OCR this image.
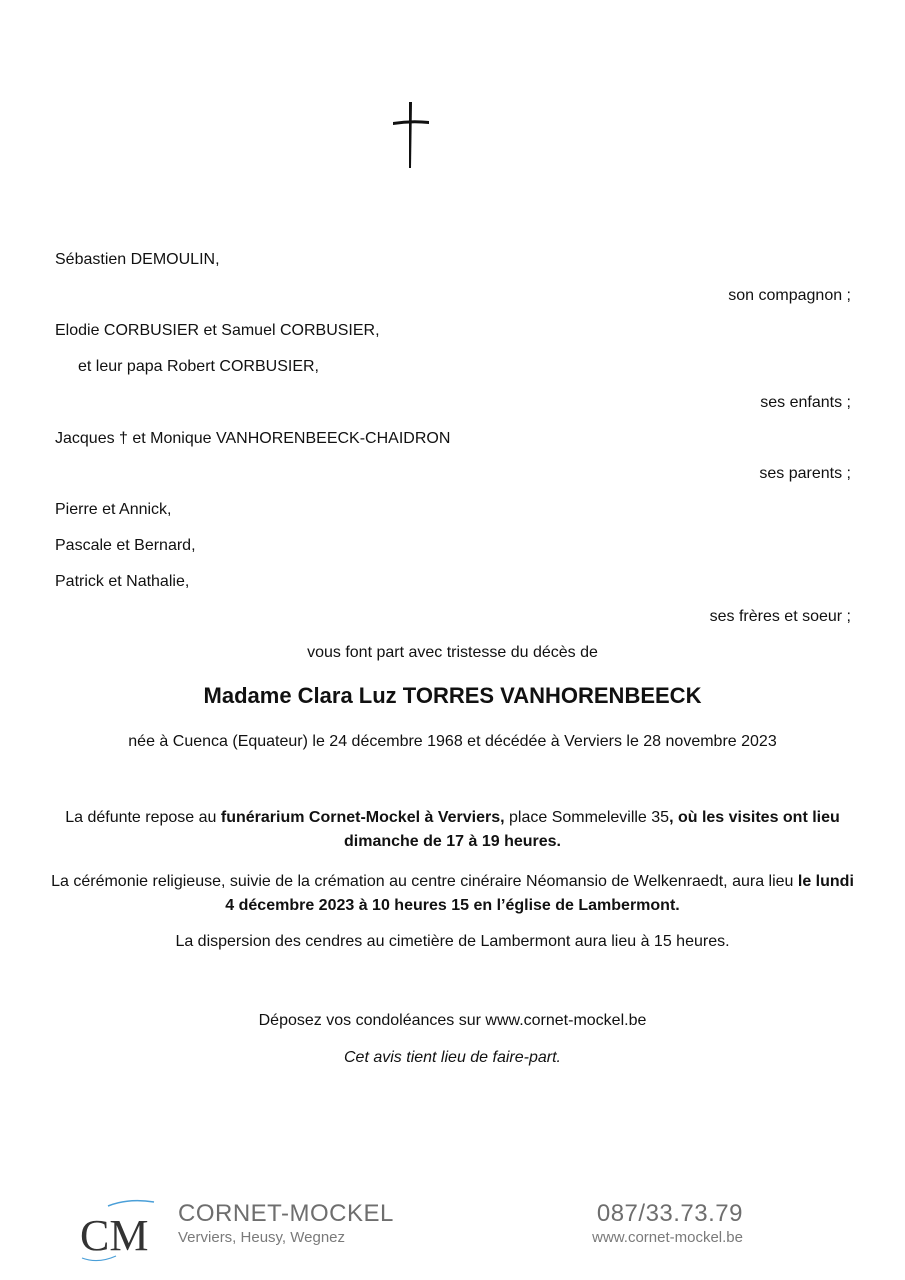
Sébastien DEMOULIN,
son compagnon ;
Elodie CORBUSIER et Samuel CORBUSIER,
et leur papa Robert CORBUSIER,
ses enfants ;
Jacques † et Monique VANHORENBEECK-CHAIDRON
ses parents ;
Pierre et Annick,
Pascale et Bernard,
Patrick et Nathalie,
ses frères et soeur ;
vous font part avec tristesse du décès de
Madame Clara Luz TORRES VANHORENBEECK
née à Cuenca (Equateur) le 24 décembre 1968 et décédée à Verviers le 28 novembre 2023
La défunte repose au funérarium Cornet-Mockel à Verviers, place Sommeleville 35, où les visites ont lieu dimanche de 17 à 19 heures.
La cérémonie religieuse, suivie de la crémation au centre cinéraire Néomansio de Welkenraedt, aura lieu le lundi 4 décembre 2023 à 10 heures 15 en l’église de Lambermont.
La dispersion des cendres au cimetière de Lambermont aura lieu à 15 heures.
Déposez vos condoléances sur www.cornet-mockel.be
Cet avis tient lieu de faire-part.
CM CORNET-MOCKEL
Verviers, Heusy, Wegnez
087/33.73.79
www.cornet-mockel.be
